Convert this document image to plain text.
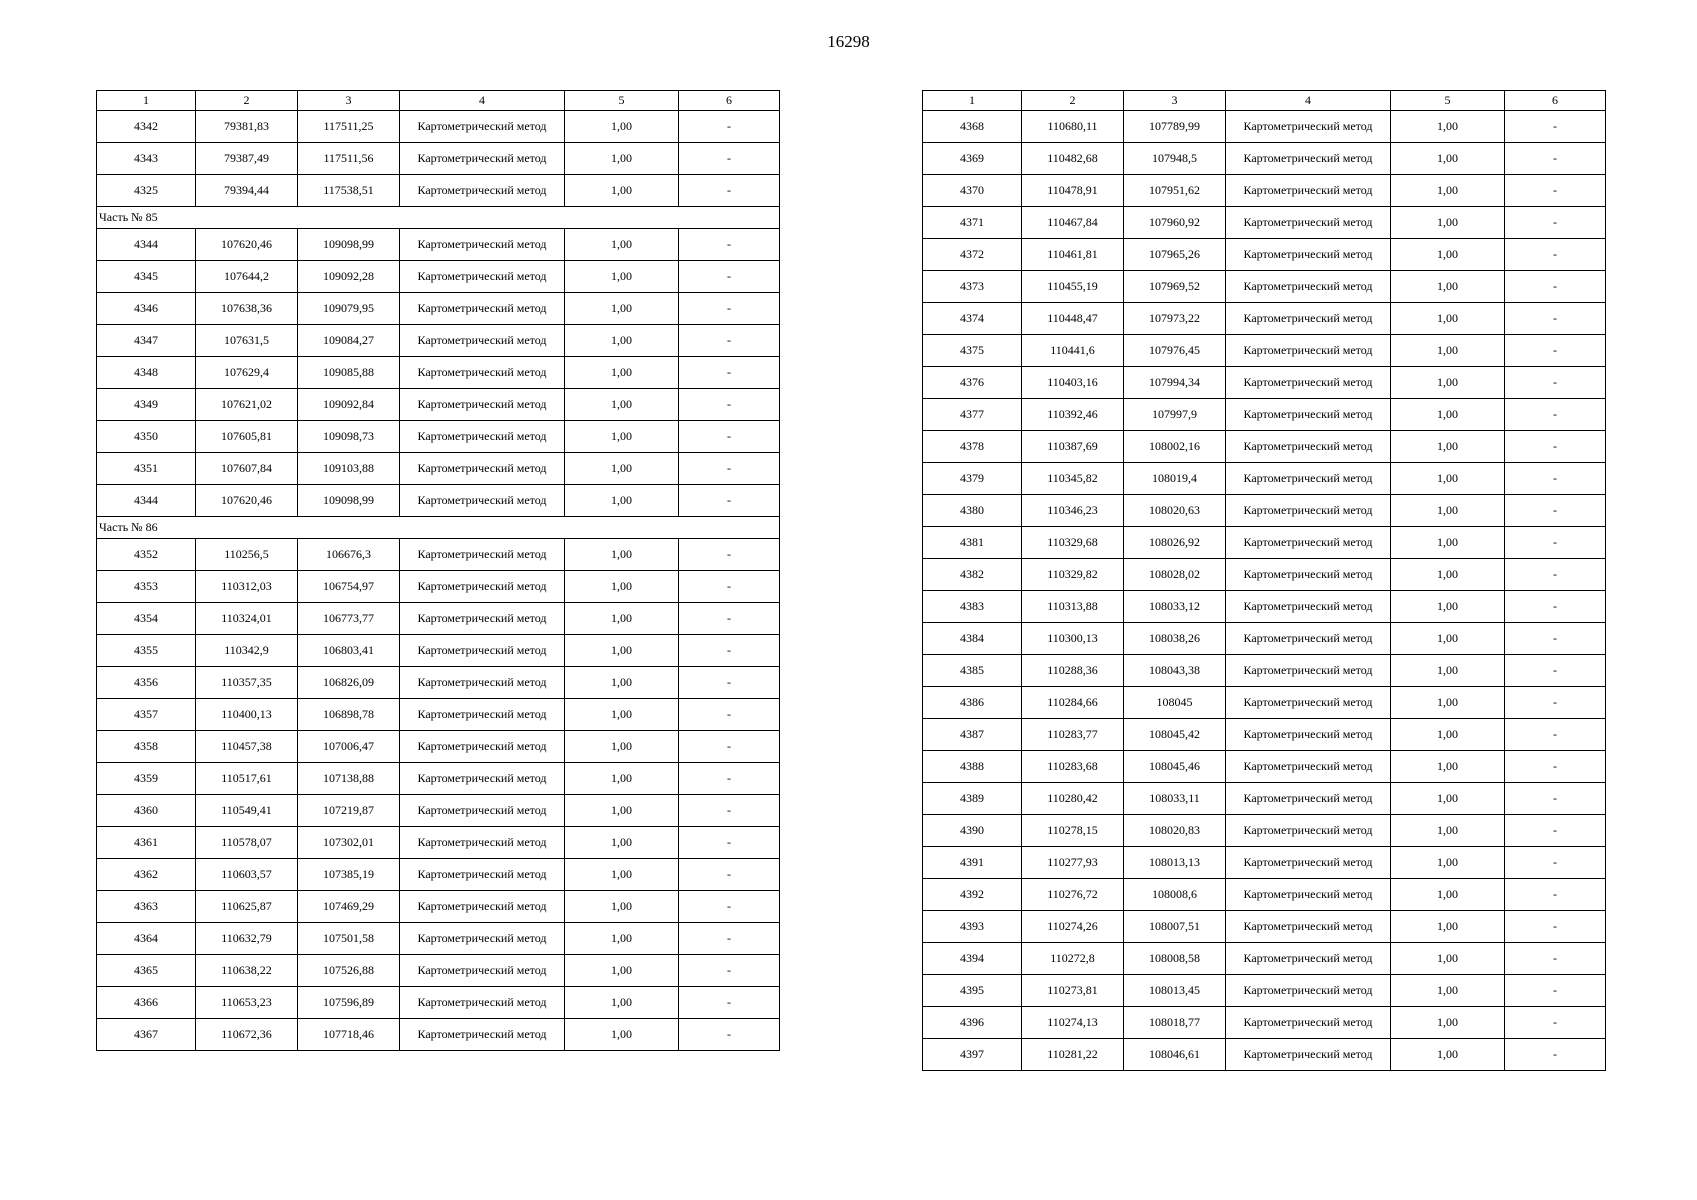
16298
1	2	3	4	5	6
4342	79381,83	117511,25	Картометрический метод	1,00	-
4343	79387,49	117511,56	Картометрический метод	1,00	-
4325	79394,44	117538,51	Картометрический метод	1,00	-
Часть № 85					
4344	107620,46	109098,99	Картометрический метод	1,00	-
4345	107644,2	109092,28	Картометрический метод	1,00	-
4346	107638,36	109079,95	Картометрический метод	1,00	-
4347	107631,5	109084,27	Картометрический метод	1,00	-
4348	107629,4	109085,88	Картометрический метод	1,00	-
4349	107621,02	109092,84	Картометрический метод	1,00	-
4350	107605,81	109098,73	Картометрический метод	1,00	-
4351	107607,84	109103,88	Картометрический метод	1,00	-
4344	107620,46	109098,99	Картометрический метод	1,00	-
Часть № 86					
4352	110256,5	106676,3	Картометрический метод	1,00	-
4353	110312,03	106754,97	Картометрический метод	1,00	-
4354	110324,01	106773,77	Картометрический метод	1,00	-
4355	110342,9	106803,41	Картометрический метод	1,00	-
4356	110357,35	106826,09	Картометрический метод	1,00	-
4357	110400,13	106898,78	Картометрический метод	1,00	-
4358	110457,38	107006,47	Картометрический метод	1,00	-
4359	110517,61	107138,88	Картометрический метод	1,00	-
4360	110549,41	107219,87	Картометрический метод	1,00	-
4361	110578,07	107302,01	Картометрический метод	1,00	-
4362	110603,57	107385,19	Картометрический метод	1,00	-
4363	110625,87	107469,29	Картометрический метод	1,00	-
4364	110632,79	107501,58	Картометрический метод	1,00	-
4365	110638,22	107526,88	Картометрический метод	1,00	-
4366	110653,23	107596,89	Картометрический метод	1,00	-
4367	110672,36	107718,46	Картометрический метод	1,00	-
1	2	3	4	5	6
4368	110680,11	107789,99	Картометрический метод	1,00	-
4369	110482,68	107948,5	Картометрический метод	1,00	-
4370	110478,91	107951,62	Картометрический метод	1,00	-
4371	110467,84	107960,92	Картометрический метод	1,00	-
4372	110461,81	107965,26	Картометрический метод	1,00	-
4373	110455,19	107969,52	Картометрический метод	1,00	-
4374	110448,47	107973,22	Картометрический метод	1,00	-
4375	110441,6	107976,45	Картометрический метод	1,00	-
4376	110403,16	107994,34	Картометрический метод	1,00	-
4377	110392,46	107997,9	Картометрический метод	1,00	-
4378	110387,69	108002,16	Картометрический метод	1,00	-
4379	110345,82	108019,4	Картометрический метод	1,00	-
4380	110346,23	108020,63	Картометрический метод	1,00	-
4381	110329,68	108026,92	Картометрический метод	1,00	-
4382	110329,82	108028,02	Картометрический метод	1,00	-
4383	110313,88	108033,12	Картометрический метод	1,00	-
4384	110300,13	108038,26	Картометрический метод	1,00	-
4385	110288,36	108043,38	Картометрический метод	1,00	-
4386	110284,66	108045	Картометрический метод	1,00	-
4387	110283,77	108045,42	Картометрический метод	1,00	-
4388	110283,68	108045,46	Картометрический метод	1,00	-
4389	110280,42	108033,11	Картометрический метод	1,00	-
4390	110278,15	108020,83	Картометрический метод	1,00	-
4391	110277,93	108013,13	Картометрический метод	1,00	-
4392	110276,72	108008,6	Картометрический метод	1,00	-
4393	110274,26	108007,51	Картометрический метод	1,00	-
4394	110272,8	108008,58	Картометрический метод	1,00	-
4395	110273,81	108013,45	Картометрический метод	1,00	-
4396	110274,13	108018,77	Картометрический метод	1,00	-
4397	110281,22	108046,61	Картометрический метод	1,00	-
